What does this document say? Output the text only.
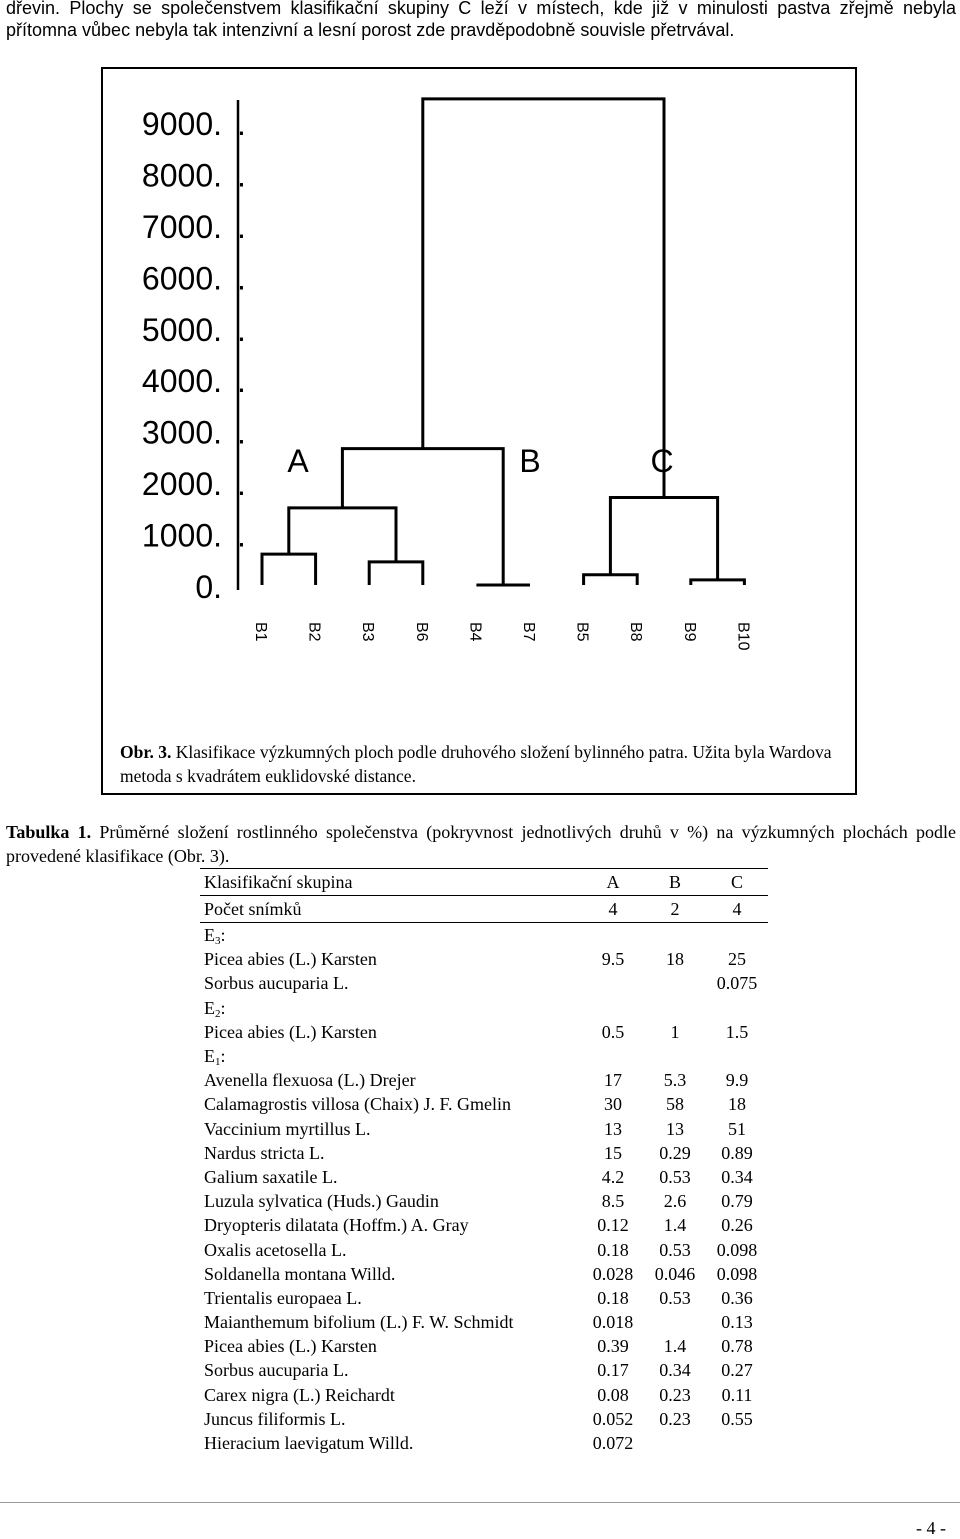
dřevin. Plochy se společenstvem klasifikační skupiny C leží v místech, kde již v minulosti pastva zřejmě nebyla přítomna vůbec nebyla tak intenzivní a lesní porost zde pravděpodobně souvisle přetrvával.

9000. .
8000. .
7000. .
6000. .
5000. .
4000. .
3000. .
2000. .
1000. .
0.
B1 B2 B3 B6 B4 B7 B5 B8 B9 B10
A	B	C
Obr. 3. Klasifikace výzkumných ploch podle druhového složení bylinného patra. Užita byla Wardova metoda s kvadrátem euklidovské distance.
Tabulka 1. Průměrné složení rostlinného společenstva (pokryvnost jednotlivých druhů v %) na výzkumných plochách podle provedené klasifikace (Obr. 3).
Klasifikační skupina	A	B	C
Počet snímků	4	2	4
$E_3$:			
Picea abies (L.) Karsten	9.5	18	25
Sorbus aucuparia L.			0.075
$E_2$:			
Picea abies (L.) Karsten	0.5	1	1.5
$E_1$:			
Avenella flexuosa (L.) Drejer	17	5.3	9.9
Calamagrostis villosa (Chaix) J. F. Gmelin	30	58	18
Vaccinium myrtillus L.	13	13	51
Nardus stricta L.	15	0.29	0.89
Galium saxatile L.	4.2	0.53	0.34
Luzula sylvatica (Huds.) Gaudin	8.5	2.6	0.79
Dryopteris dilatata (Hoffm.) A. Gray	0.12	1.4	0.26
Oxalis acetosella L.	0.18	0.53	0.098
Soldanella montana Willd.	0.028	0.046	0.098
Trientalis europaea L.	0.18	0.53	0.36
Maianthemum bifolium (L.) F. W. Schmidt	0.018		0.13
Picea abies (L.) Karsten	0.39	1.4	0.78
Sorbus aucuparia L.	0.17	0.34	0.27
Carex nigra (L.) Reichardt	0.08	0.23	0.11
Juncus filiformis L.	0.052	0.23	0.55
Hieracium laevigatum Willd.	0.072		
- 4 -
